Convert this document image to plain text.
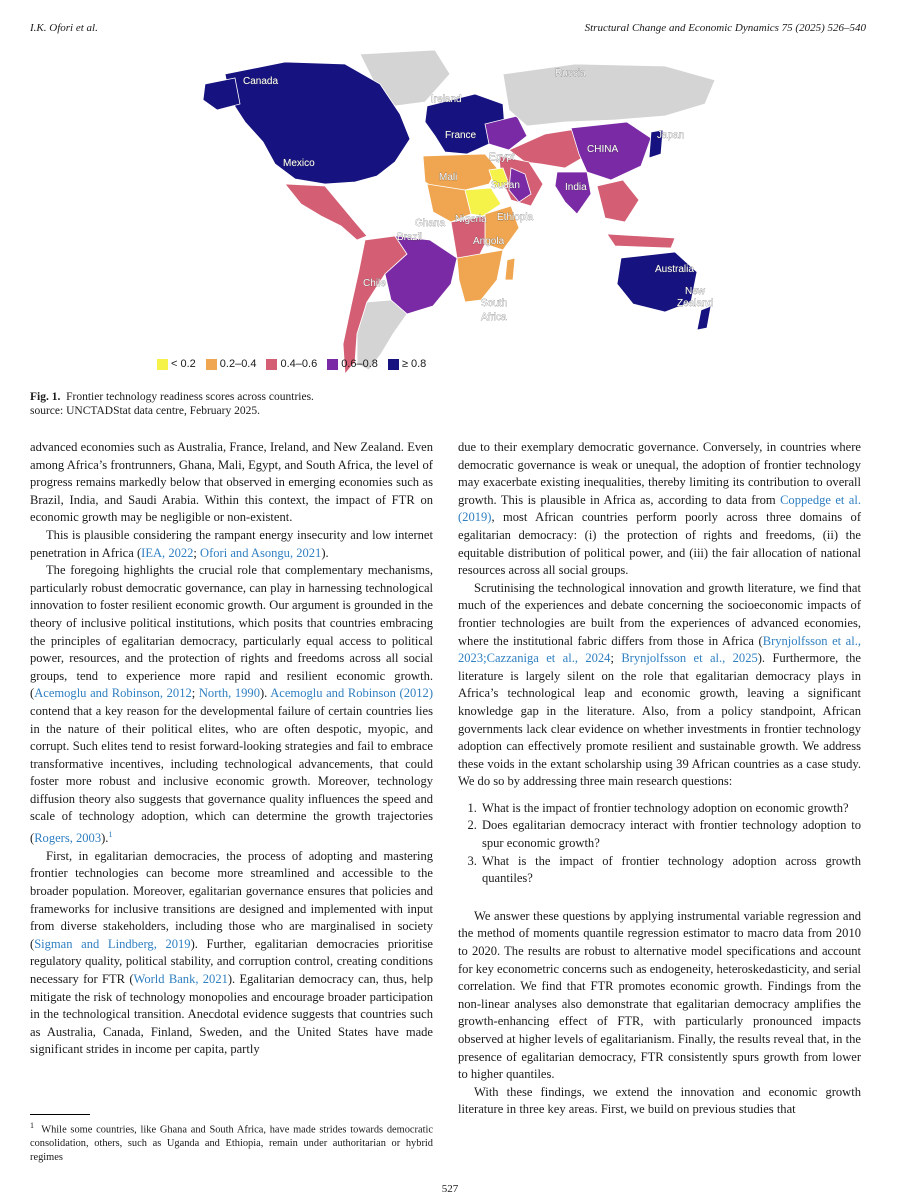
I.K. Ofori et al.	Structural Change and Economic Dynamics 75 (2025) 526–540
Canada
Russia
Ireland
France	Japan
CHINA
Egypt
Mexico
Mali
Sudan	India
Ghana Nigeria Ethiopia
Brazil	Angola
Australia
Chile
South
Africa
New
Zealand
< 0.2 0.2–0.4 0.4–0.6 0.6–0.8 ≥ 0.8
Fig. 1. Frontier technology readiness scores across countries.
source: UNCTADStat data centre, February 2025.

advanced economies such as Australia, France, Ireland, and New Zealand. Even among Africa’s frontrunners, Ghana, Mali, Egypt, and South Africa, the level of progress remains markedly below that observed in emerging economies such as Brazil, India, and Saudi Arabia. Within this context, the impact of FTR on economic growth may be negligible or non-existent.

This is plausible considering the rampant energy insecurity and low internet penetration in Africa (IEA, 2022; Ofori and Asongu, 2021).

The foregoing highlights the crucial role that complementary mechanisms, particularly robust democratic governance, can play in harnessing technological innovation to foster resilient economic growth. Our argument is grounded in the theory of inclusive political institutions, which posits that countries embracing the principles of egalitarian democracy, particularly equal access to political power, resources, and the protection of rights and freedoms across all social groups, tend to experience more rapid and resilient economic growth. (Acemoglu and Robinson, 2012; North, 1990). Acemoglu and Robinson (2012) contend that a key reason for the developmental failure of certain countries lies in the nature of their political elites, who are often despotic, myopic, and corrupt. Such elites tend to resist forward-looking strategies and fail to embrace transformative incentives, including technological advancements, that could foster more robust and inclusive economic growth. Moreover, technology diffusion theory also suggests that governance quality influences the speed and scale of technology adoption, which can determine the growth trajectories (Rogers, 2003).$^1$

First, in egalitarian democracies, the process of adopting and mastering frontier technologies can become more streamlined and accessible to the broader population. Moreover, egalitarian governance ensures that policies and frameworks for inclusive transitions are designed and implemented with input from diverse stakeholders, including those who are marginalised in society (Sigman and Lindberg, 2019). Further, egalitarian democracies prioritise regulatory quality, political stability, and corruption control, creating conditions necessary for FTR (World Bank, 2021). Egalitarian democracy can, thus, help mitigate the risk of technology monopolies and encourage broader participation in the technological transition. Anecdotal evidence suggests that countries such as Australia, Canada, Finland, Sweden, and the United States have made significant strides in income per capita, partly

due to their exemplary democratic governance. Conversely, in countries where democratic governance is weak or unequal, the adoption of frontier technology may exacerbate existing inequalities, thereby limiting its contribution to overall growth. This is plausible in Africa as, according to data from Coppedge et al. (2019), most African countries perform poorly across three domains of egalitarian democracy: (i) the protection of rights and freedoms, (ii) the equitable distribution of political power, and (iii) the fair allocation of national resources across all social groups.

Scrutinising the technological innovation and growth literature, we find that much of the experiences and debate concerning the socioeconomic impacts of frontier technologies are built from the experiences of advanced economies, where the institutional fabric differs from those in Africa (Brynjolfsson et al., 2023;Cazzaniga et al., 2024; Brynjolfsson et al., 2025). Furthermore, the literature is largely silent on the role that egalitarian democracy plays in Africa’s technological leap and economic growth, leaving a significant knowledge gap in the literature. Also, from a policy standpoint, African governments lack clear evidence on whether investments in frontier technology adoption can effectively promote resilient and sustainable growth. We address these voids in the extant scholarship using 39 African countries as a case study. We do so by addressing three main research questions:

1. What is the impact of frontier technology adoption on economic growth?
2. Does egalitarian democracy interact with frontier technology adoption to spur economic growth?
3. What is the impact of frontier technology adoption across growth quantiles?

We answer these questions by applying instrumental variable regression and the method of moments quantile regression estimator to macro data from 2010 to 2020. The results are robust to alternative model specifications and account for key econometric concerns such as endogeneity, heteroskedasticity, and serial correlation. We find that FTR promotes economic growth. Findings from the non-linear analyses also demonstrate that egalitarian democracy amplifies the growth-enhancing effect of FTR, with particularly pronounced impacts observed at higher levels of egalitarianism. Finally, the results reveal that, in the presence of egalitarian democracy, FTR consistently spurs growth from lower to higher quantiles.

With these findings, we extend the innovation and economic growth literature in three key areas. First, we build on previous studies that

$^1$ While some countries, like Ghana and South Africa, have made strides towards democratic consolidation, others, such as Uganda and Ethiopia, remain under authoritarian or hybrid regimes
527
